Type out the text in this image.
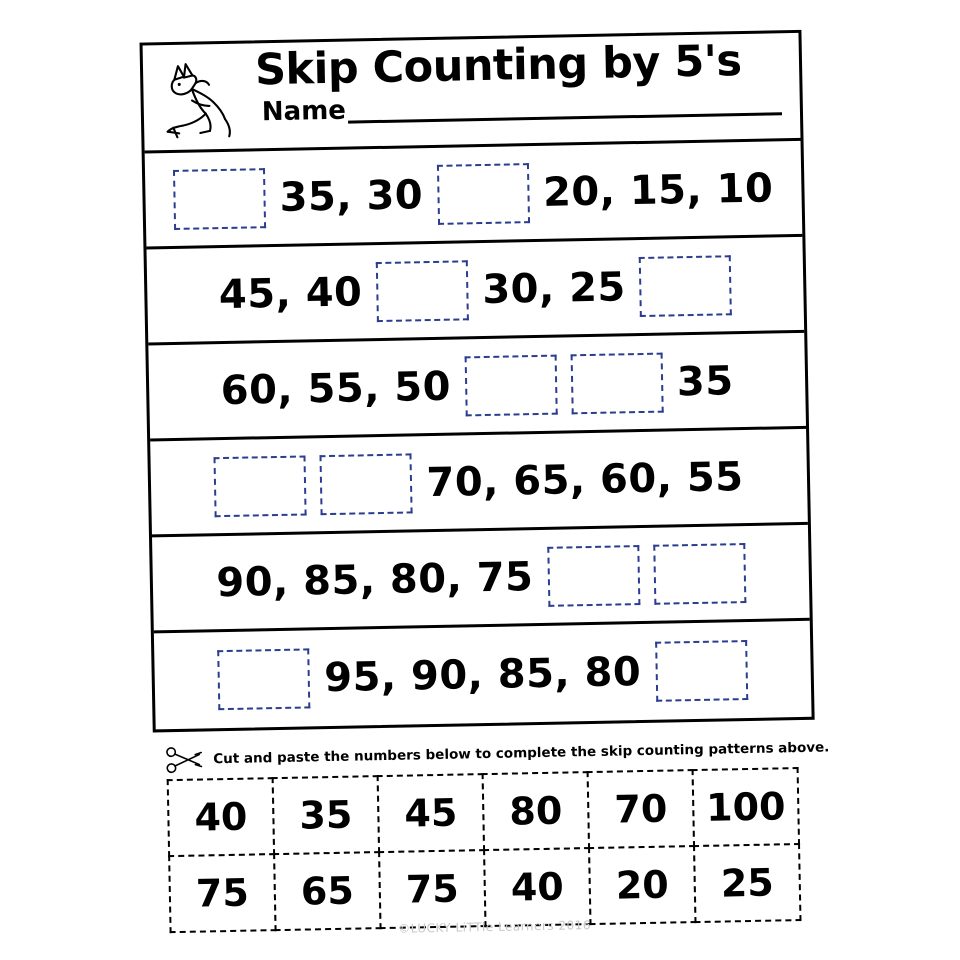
Skip Counting by 5's
Name
35, 30	20, 15, 10
45, 40	30, 25
60, 55, 50	35
70, 65, 60, 55
90, 85, 80, 75
95, 90, 85, 80
Cut and paste the numbers below to complete the skip counting patterns above.
40	35	45	80	70	100
75	65	75	40	20	25
©LUCKY LiTTle Learners 2016
